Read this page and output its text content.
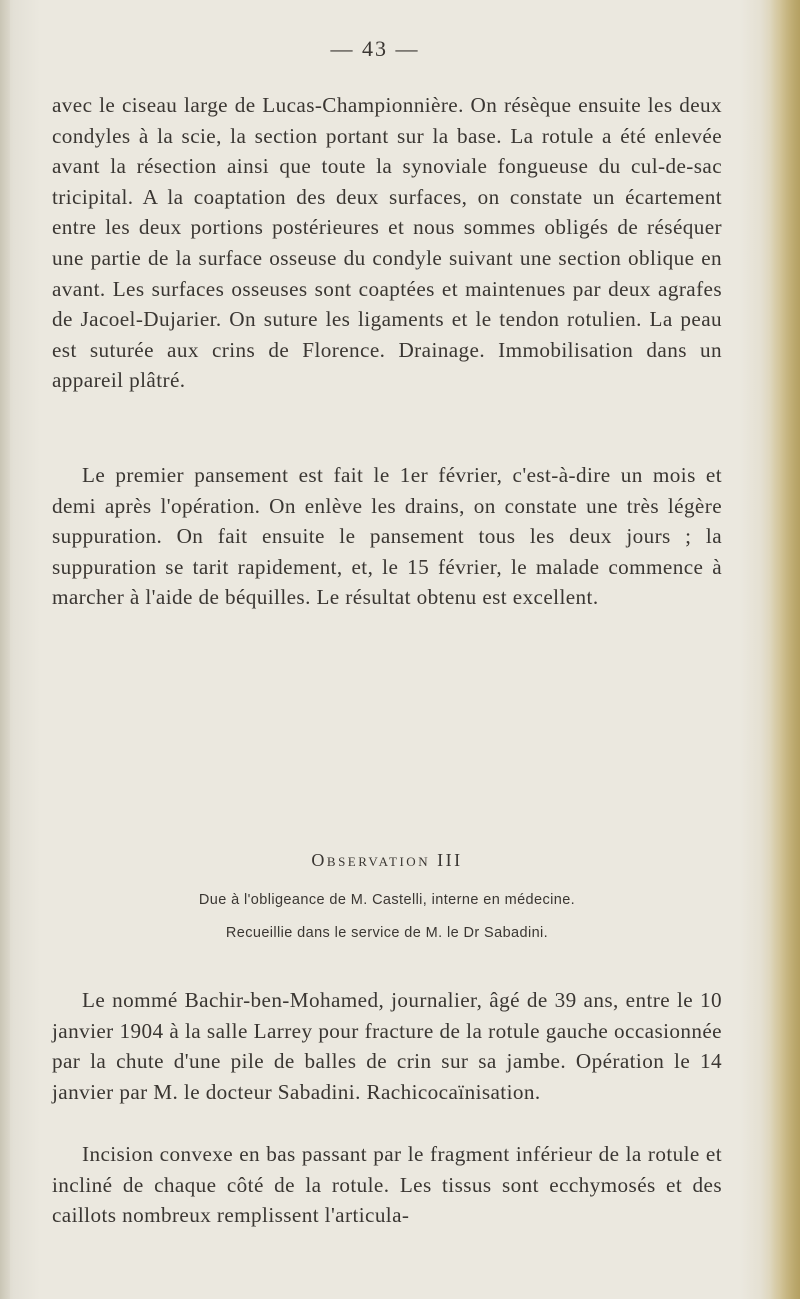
— 43 —
avec le ciseau large de Lucas-Championnière. On résèque ensuite les deux condyles à la scie, la section portant sur la base. La rotule a été enlevée avant la résection ainsi que toute la synoviale fongueuse du cul-de-sac tricipital. A la coaptation des deux surfaces, on constate un écartement entre les deux portions postérieures et nous sommes obligés de réséquer une partie de la surface osseuse du condyle suivant une section oblique en avant. Les surfaces osseuses sont coaptées et maintenues par deux agrafes de Jacoel-Dujarier. On suture les ligaments et le tendon rotulien. La peau est suturée aux crins de Florence. Drainage. Immobilisation dans un appareil plâtré.
Le premier pansement est fait le 1er février, c'est-à-dire un mois et demi après l'opération. On enlève les drains, on constate une très légère suppuration. On fait ensuite le pansement tous les deux jours ; la suppuration se tarit rapidement, et, le 15 février, le malade commence à marcher à l'aide de béquilles. Le résultat obtenu est excellent.
Observation III
Due à l'obligeance de M. Castelli, interne en médecine.
Recueillie dans le service de M. le Dr Sabadini.
Le nommé Bachir-ben-Mohamed, journalier, âgé de 39 ans, entre le 10 janvier 1904 à la salle Larrey pour fracture de la rotule gauche occasionnée par la chute d'une pile de balles de crin sur sa jambe. Opération le 14 janvier par M. le docteur Sabadini. Rachicocaïnisation.
Incision convexe en bas passant par le fragment inférieur de la rotule et incliné de chaque côté de la rotule. Les tissus sont ecchymosés et des caillots nombreux remplissent l'articula-
